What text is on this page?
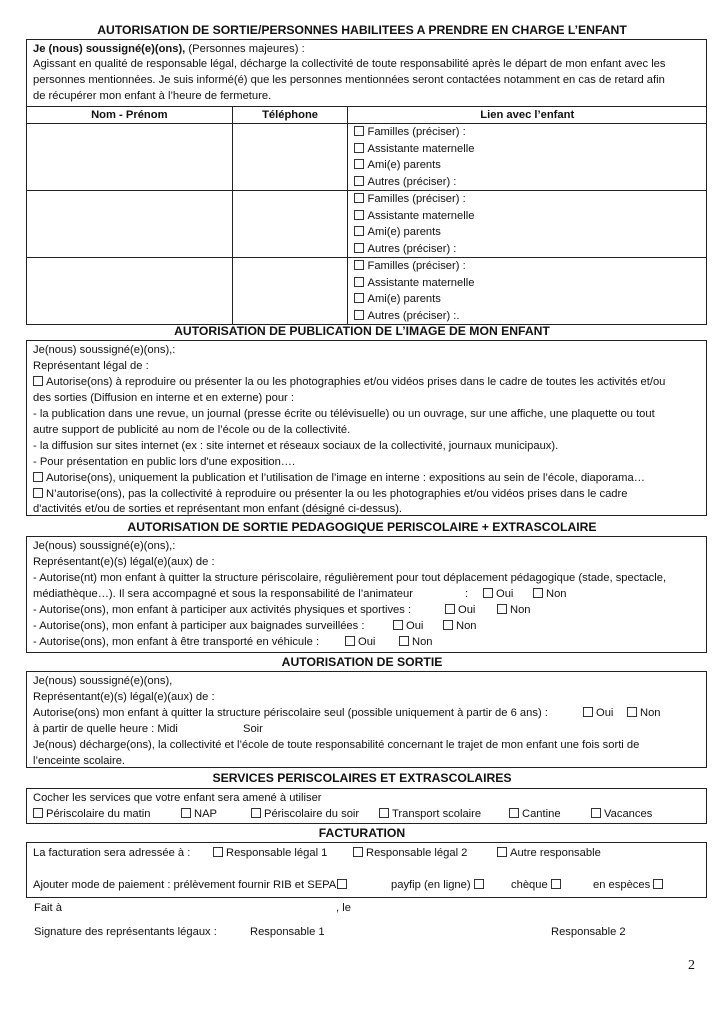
AUTORISATION DE SORTIE/PERSONNES HABILITEES A PRENDRE EN CHARGE L’ENFANT
Je (nous) soussigné(e)(ons), (Personnes majeures) :
Agissant en qualité de responsable légal, décharge la collectivité de toute responsabilité après le départ de mon enfant avec les
personnes mentionnées. Je suis informé(é) que les personnes mentionnées seront contactées notamment en cas de retard afin
de récupérer mon enfant à l’heure de fermeture.
Nom - Prénom	Téléphone	Lien avec l’enfant

		Familles (préciser) :
Assistante maternelle
Ami(e) parents
Autres (préciser) :

		Familles (préciser) :
Assistante maternelle
Ami(e) parents
Autres (préciser) :

		Familles (préciser) :
Assistante maternelle
Ami(e) parents
Autres (préciser) :.
AUTORISATION DE PUBLICATION DE L’IMAGE DE MON ENFANT
Je(nous) soussigné(e)(ons),:
Représentant légal de :
Autorise(ons) à reproduire ou présenter la ou les photographies et/ou vidéos prises dans le cadre de toutes les activités et/ou
des sorties (Diffusion en interne et en externe) pour :
- la publication dans une revue, un journal (presse écrite ou télévisuelle) ou un ouvrage, sur une affiche, une plaquette ou tout
autre support de publicité au nom de l’école ou de la collectivité.
- la diffusion sur sites internet (ex : site internet et réseaux sociaux de la collectivité, journaux municipaux).
- Pour présentation en public lors d'une exposition….
Autorise(ons), uniquement la publication et l’utilisation de l’image en interne : expositions au sein de l’école, diaporama…
N’autorise(ons), pas la collectivité à reproduire ou présenter la ou les photographies et/ou vidéos prises dans le cadre
d'activités et/ou de sorties et représentant mon enfant (désigné ci-dessus).
AUTORISATION DE SORTIE PEDAGOGIQUE PERISCOLAIRE + EXTRASCOLAIRE
Je(nous) soussigné(e)(ons),:
Représentant(e)(s) légal(e)(aux) de :
- Autorise(nt) mon enfant à quitter la structure périscolaire, régulièrement pour tout déplacement pédagogique (stade, spectacle,
médiathèque…). Il sera accompagné et sous la responsabilité de l’animateur	:	Oui	Non
- Autorise(ons), mon enfant à participer aux activités physiques et sportives :	Oui	Non
- Autorise(ons), mon enfant à participer aux baignades surveillées :	Oui	Non
- Autorise(ons), mon enfant à être transporté en véhicule :	Oui	Non
AUTORISATION DE SORTIE
Je(nous) soussigné(e)(ons),
Représentant(e)(s) légal(e)(aux) de :
Autorise(ons) mon enfant à quitter la structure périscolaire seul (possible uniquement à partir de 6 ans) :	Oui	Non
à partir de quelle heure : Midi	Soir
Je(nous) décharge(ons), la collectivité et l’école de toute responsabilité concernant le trajet de mon enfant une fois sorti de
l’enceinte scolaire.
SERVICES PERISCOLAIRES ET EXTRASCOLAIRES
Cocher les services que votre enfant sera amené à utiliser
Périscolaire du matin	NAP	Périscolaire du soir	Transport scolaire	Cantine	Vacances
FACTURATION
La facturation sera adressée à :	Responsable légal 1	Responsable légal 2	Autre responsable
Ajouter mode de paiement : prélèvement fournir RIB et SEPA	payfip (en ligne)	chèque	en espèces
Fait à	, le
Signature des représentants légaux :	Responsable 1	Responsable 2
2
